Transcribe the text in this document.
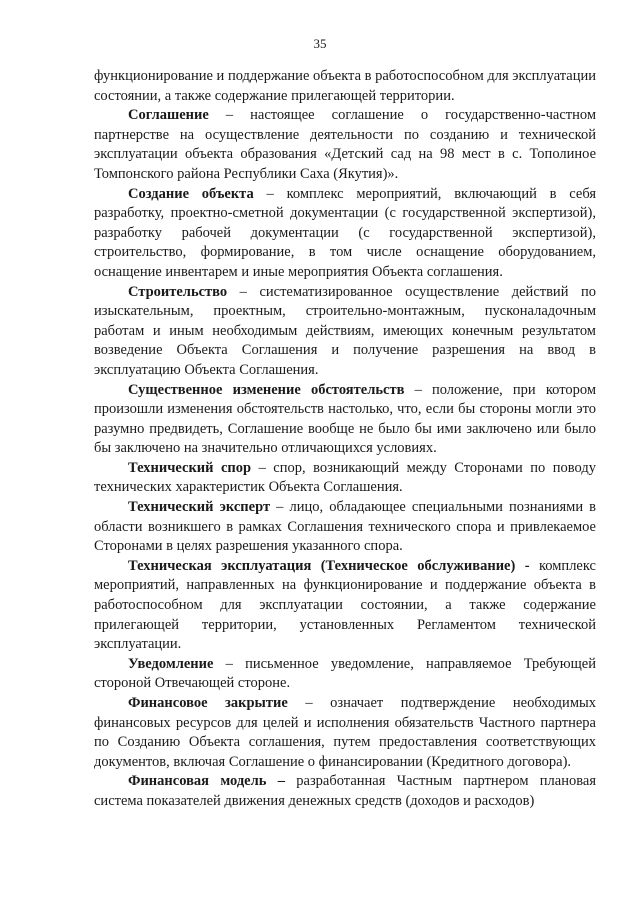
35

функционирование и поддержание объекта в работоспособном для эксплуатации состоянии, а также содержание прилегающей территории.

Соглашение – настоящее соглашение о государственно-частном партнерстве на осуществление деятельности по созданию и технической эксплуатации объекта образования «Детский сад на 98 мест в с. Тополиное Томпонского района Республики Саха (Якутия)».

Создание объекта – комплекс мероприятий, включающий в себя разработку, проектно-сметной документации (с государственной экспертизой), разработку рабочей документации (с государственной экспертизой), строительство, формирование, в том числе оснащение оборудованием, оснащение инвентарем и иные мероприятия Объекта соглашения.

Строительство – систематизированное осуществление действий по изыскательным, проектным, строительно-монтажным, пусконаладочным работам и иным необходимым действиям, имеющих конечным результатом возведение Объекта Соглашения и получение разрешения на ввод в эксплуатацию Объекта Соглашения.

Существенное изменение обстоятельств – положение, при котором произошли изменения обстоятельств настолько, что, если бы стороны могли это разумно предвидеть, Соглашение вообще не было бы ими заключено или было бы заключено на значительно отличающихся условиях.

Технический спор – спор, возникающий между Сторонами по поводу технических характеристик Объекта Соглашения.

Технический эксперт – лицо, обладающее специальными познаниями в области возникшего в рамках Соглашения технического спора и привлекаемое Сторонами в целях разрешения указанного спора.

Техническая эксплуатация (Техническое обслуживание) - комплекс мероприятий, направленных на функционирование и поддержание объекта в работоспособном для эксплуатации состоянии, а также содержание прилегающей территории, установленных Регламентом технической эксплуатации.

Уведомление – письменное уведомление, направляемое Требующей стороной Отвечающей стороне.

Финансовое закрытие – означает подтверждение необходимых финансовых ресурсов для целей и исполнения обязательств Частного партнера по Созданию Объекта соглашения, путем предоставления соответствующих документов, включая Соглашение о финансировании (Кредитного договора).

Финансовая модель – разработанная Частным партнером плановая система показателей движения денежных средств (доходов и расходов)
